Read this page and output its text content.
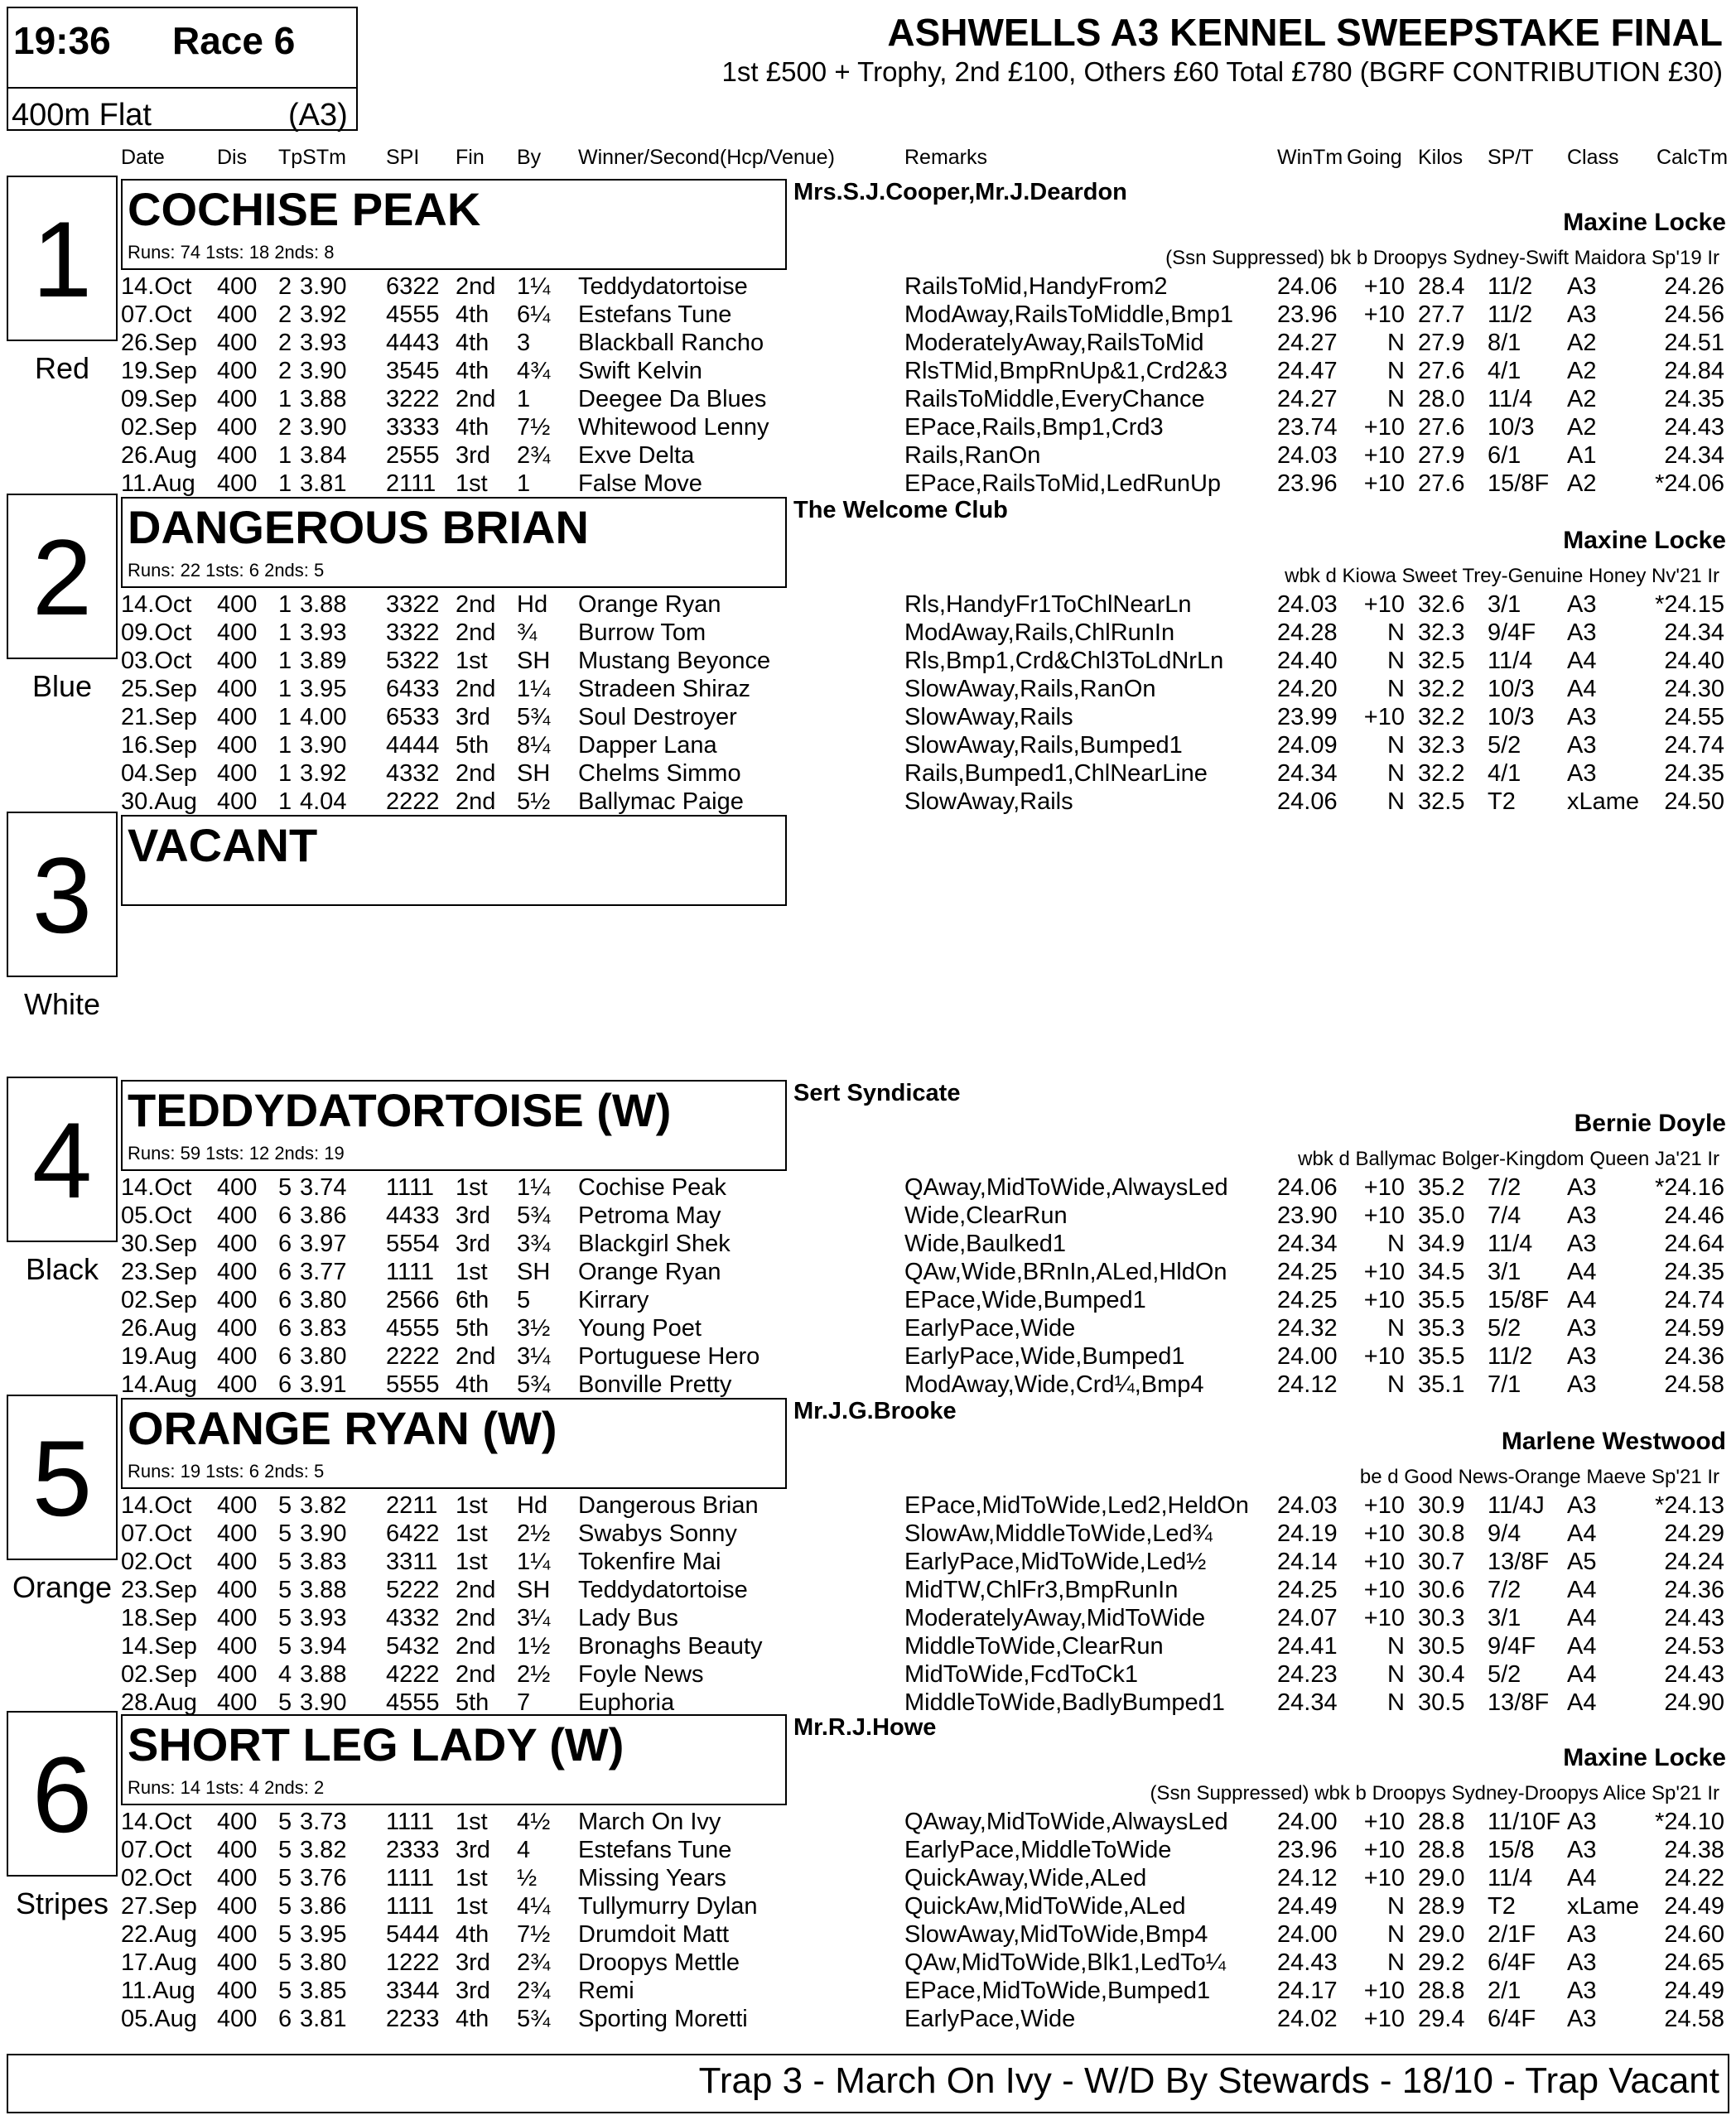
19:36 Race 6
400m Flat	(A3)
ASHWELLS A3 KENNEL SWEEPSTAKE FINAL
1st £500 + Trophy, 2nd £100, Others £60 Total £780 (BGRF CONTRIBUTION £30)
Date	Dis TpSTm SPI Fin By Winner/Second(Hcp/Venue)	Remarks	WinTm Going Kilos SP/T Class CalcTm
1
Red
COCHISE PEAK
Runs: 74 1sts: 18 2nds: 8
Mrs.S.J.Cooper,Mr.J.Deardon
Maxine Locke
(Ssn Suppressed) bk b Droopys Sydney-Swift Maidora Sp'19 Ir
14.Oct 400 2 3.90 6322 2nd 1¼ Teddydatortoise	RailsToMid,HandyFrom2	24.06	+10 28.4 11/2 A3	24.26
07.Oct 400 2 3.92 4555 4th 6¼ Estefans Tune	ModAway,RailsToMiddle,Bmp1 23.96	+10 27.7 11/2 A3	24.56
26.Sep 400 2 3.93 4443 4th 3 Blackball Rancho	ModeratelyAway,RailsToMid	24.27	N 27.9 8/1 A2	24.51
19.Sep 400 2 3.90 3545 4th 4¾ Swift Kelvin	RlsTMid,BmpRnUp&1,Crd2&3 24.47	N 27.6 4/1 A2	24.84
09.Sep 400 1 3.88 3222 2nd 1 Deegee Da Blues	RailsToMiddle,EveryChance	24.27	N 28.0 11/4 A2	24.35
02.Sep 400 2 3.90 3333 4th 7½ Whitewood Lenny	EPace,Rails,Bmp1,Crd3	23.74	+10 27.6 10/3 A2	24.43
26.Aug 400 1 3.84 2555 3rd 2¾ Exve Delta	Rails,RanOn	24.03	+10 27.9 6/1 A1	24.34
11.Aug 400 1 3.81 2111 1st 1 False Move	EPace,RailsToMid,LedRunUp 23.96	+10 27.6 15/8F A2 *24.06
2
Blue
DANGEROUS BRIAN
Runs: 22 1sts: 6 2nds: 5
The Welcome Club
Maxine Locke
wbk d Kiowa Sweet Trey-Genuine Honey Nv'21 Ir
14.Oct 400 1 3.88 3322 2nd Hd Orange Ryan	Rls,HandyFr1ToChlNearLn	24.03	+10 32.6 3/1 A3 *24.15
09.Oct 400 1 3.93 3322 2nd ¾ Burrow Tom	ModAway,Rails,ChlRunIn	24.28	N 32.3 9/4F A3	24.34
03.Oct 400 1 3.89 5322 1st SH Mustang Beyonce	Rls,Bmp1,Crd&Chl3ToLdNrLn 24.40	N 32.5 11/4 A4	24.40
25.Sep 400 1 3.95 6433 2nd 1¼ Stradeen Shiraz	SlowAway,Rails,RanOn	24.20	N 32.2 10/3 A4	24.30
21.Sep 400 1 4.00 6533 3rd 5¾ Soul Destroyer	SlowAway,Rails	23.99	+10 32.2 10/3 A3	24.55
16.Sep 400 1 3.90 4444 5th 8¼ Dapper Lana	SlowAway,Rails,Bumped1	24.09	N 32.3 5/2 A3	24.74
04.Sep 400 1 3.92 4332 2nd SH Chelms Simmo	Rails,Bumped1,ChlNearLine	24.34	N 32.2 4/1 A3	24.35
30.Aug 400 1 4.04 2222 2nd 5½ Ballymac Paige	SlowAway,Rails	24.06	N 32.5 T2 xLame	24.50
3
White
VACANT
4
Black
TEDDYDATORTOISE (W)
Runs: 59 1sts: 12 2nds: 19
Sert Syndicate
Bernie Doyle
wbk d Ballymac Bolger-Kingdom Queen Ja'21 Ir
14.Oct 400 5 3.74 1111 1st 1¼ Cochise Peak	QAway,MidToWide,AlwaysLed 24.06	+10 35.2 7/2 A3 *24.16
05.Oct 400 6 3.86 4433 3rd 5¾ Petroma May	Wide,ClearRun	23.90	+10 35.0 7/4 A3	24.46
30.Sep 400 6 3.97 5554 3rd 3¾ Blackgirl Shek	Wide,Baulked1	24.34	N 34.9 11/4 A3	24.64
23.Sep 400 6 3.77 1111 1st SH Orange Ryan	QAw,Wide,BRnIn,ALed,HldOn 24.25	+10 34.5 3/1 A4	24.35
02.Sep 400 6 3.80 2566 6th 5 Kirrary	EPace,Wide,Bumped1	24.25	+10 35.5 15/8F A4	24.74
26.Aug 400 6 3.83 4555 5th 3½ Young Poet	EarlyPace,Wide	24.32	N 35.3 5/2 A3	24.59
19.Aug 400 6 3.80 2222 2nd 3¼ Portuguese Hero	EarlyPace,Wide,Bumped1	24.00	+10 35.5 11/2 A3	24.36
14.Aug 400 6 3.91 5555 4th 5¾ Bonville Pretty	ModAway,Wide,Crd¼,Bmp4	24.12	N 35.1 7/1 A3	24.58
5
Orange
ORANGE RYAN (W)
Runs: 19 1sts: 6 2nds: 5
Mr.J.G.Brooke
Marlene Westwood
be d Good News-Orange Maeve Sp'21 Ir
14.Oct 400 5 3.82 2211 1st Hd Dangerous Brian	EPace,MidToWide,Led2,HeldOn 24.03	+10 30.9 11/4J A3 *24.13
07.Oct 400 5 3.90 6422 1st 2½ Swabys Sonny	SlowAw,MiddleToWide,Led¾	24.19	+10 30.8 9/4 A4	24.29
02.Oct 400 5 3.83 3311 1st 1¼ Tokenfire Mai	EarlyPace,MidToWide,Led½	24.14	+10 30.7 13/8F A5	24.24
23.Sep 400 5 3.88 5222 2nd SH Teddydatortoise	MidTW,ChlFr3,BmpRunIn	24.25	+10 30.6 7/2 A4	24.36
18.Sep 400 5 3.93 4332 2nd 3¼ Lady Bus	ModeratelyAway,MidToWide	24.07	+10 30.3 3/1 A4	24.43
14.Sep 400 5 3.94 5432 2nd 1½ Bronaghs Beauty	MiddleToWide,ClearRun	24.41	N 30.5 9/4F A4	24.53
02.Sep 400 4 3.88 4222 2nd 2½ Foyle News	MidToWide,FcdToCk1	24.23	N 30.4 5/2 A4	24.43
28.Aug 400 5 3.90 4555 5th 7 Euphoria	MiddleToWide,BadlyBumped1 24.34	N 30.5 13/8F A4	24.90
6
Stripes
SHORT LEG LADY (W)
Runs: 14 1sts: 4 2nds: 2
Mr.R.J.Howe
Maxine Locke
(Ssn Suppressed) wbk b Droopys Sydney-Droopys Alice Sp'21 Ir
14.Oct 400 5 3.73 1111 1st 4½ March On Ivy	QAway,MidToWide,AlwaysLed 24.00	+10 28.8 11/10F A3 *24.10
07.Oct 400 5 3.82 2333 3rd 4 Estefans Tune	EarlyPace,MiddleToWide	23.96	+10 28.8 15/8 A3	24.38
02.Oct 400 5 3.76 1111 1st ½ Missing Years	QuickAway,Wide,ALed	24.12	+10 29.0 11/4 A4	24.22
27.Sep 400 5 3.86 1111 1st 4¼ Tullymurry Dylan	QuickAw,MidToWide,ALed	24.49	N 28.9 T2 xLame	24.49
22.Aug 400 5 3.95 5444 4th 7½ Drumdoit Matt	SlowAway,MidToWide,Bmp4	24.00	N 29.0 2/1F A3	24.60
17.Aug 400 5 3.80 1222 3rd 2¾ Droopys Mettle	QAw,MidToWide,Blk1,LedTo¼ 24.43	N 29.2 6/4F A3	24.65
11.Aug 400 5 3.85 3344 3rd 2¾ Remi	EPace,MidToWide,Bumped1	24.17	+10 28.8 2/1 A3	24.49
05.Aug 400 6 3.81 2233 4th 5¾ Sporting Moretti	EarlyPace,Wide	24.02	+10 29.4 6/4F A3	24.58
Trap 3 - March On Ivy - W/D By Stewards - 18/10 - Trap Vacant
